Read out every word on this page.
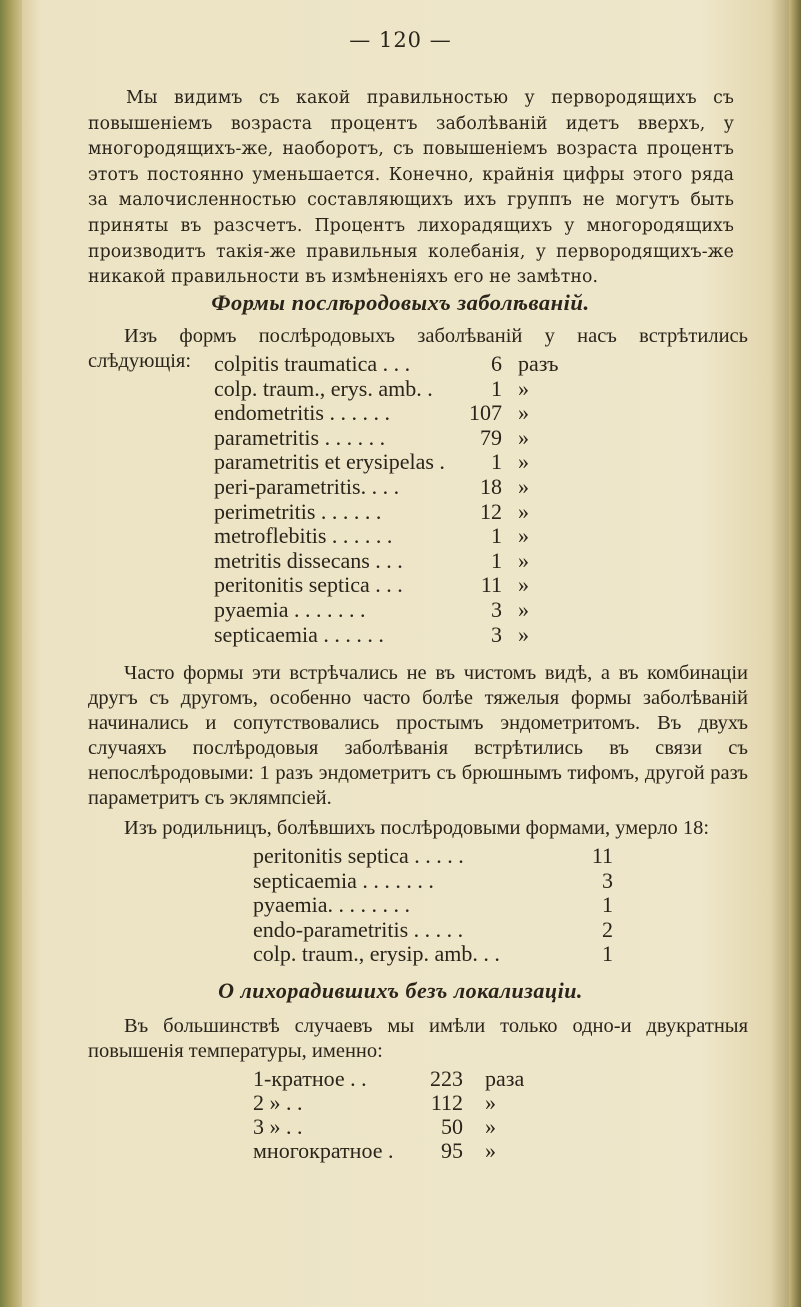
— 120 —
Мы видимъ съ какой правильностью у первородящихъ съ повышеніемъ возраста процентъ заболѣваній идетъ вверхъ, у многородящихъ-же, наоборотъ, съ повышеніемъ возраста процентъ этотъ постоянно уменьшается. Конечно, крайнія цифры этого ряда за малочисленностью составляющихъ ихъ группъ не могутъ быть приняты въ разсчетъ. Процентъ лихорадящихъ у многородящихъ производитъ такія-же правильныя колебанія, у первородящихъ-же никакой правильности въ измѣненіяхъ его не замѣтно.
Формы послѣродовыхъ заболѣваній.
Изъ формъ послѣродовыхъ заболѣваній у насъ встрѣтились слѣдующія:	colpitis traumatica . . .	6 разъ
colp. traum., erys. amb. .	1 »
endometritis . . . . . .	107 »
parametritis . . . . . .	79 »
parametritis et erysipelas .	1 »
peri-parametritis. . . .	18 »
perimetritis . . . . . .	12 »
metroflebitis . . . . . .	1 »
metritis dissecans . . .	1 »
peritonitis septica . . .	11 »
pyaemia . . . . . . .	3 »
septicaemia . . . . . .	3 »
Часто формы эти встрѣчались не въ чистомъ видѣ, а въ комбинаціи другъ съ другомъ, особенно часто болѣе тяжелыя формы заболѣваній начинались и сопутствовались простымъ эндометритомъ. Въ двухъ случаяхъ послѣродовыя заболѣванія встрѣтились въ связи съ непослѣродовыми: 1 разъ эндометритъ съ брюшнымъ тифомъ, другой разъ параметритъ съ эклямпсіей.
Изъ родильницъ, болѣвшихъ послѣродовыми формами, умерло 18:
peritonitis septica . . . . .	11
septicaemia . . . . . . .	3
pyaemia. . . . . . . .	1
endo-parametritis . . . . .	2
colp. traum., erysip. amb. . .	1
О лихорадившихъ безъ локализаціи.
Въ большинствѣ случаевъ мы имѣли только одно-и двукратныя повышенія температуры, именно:
1-кратное . .	223 раза
2 » . .	112 »
3 » . .	50 »
многократное .	95 »
